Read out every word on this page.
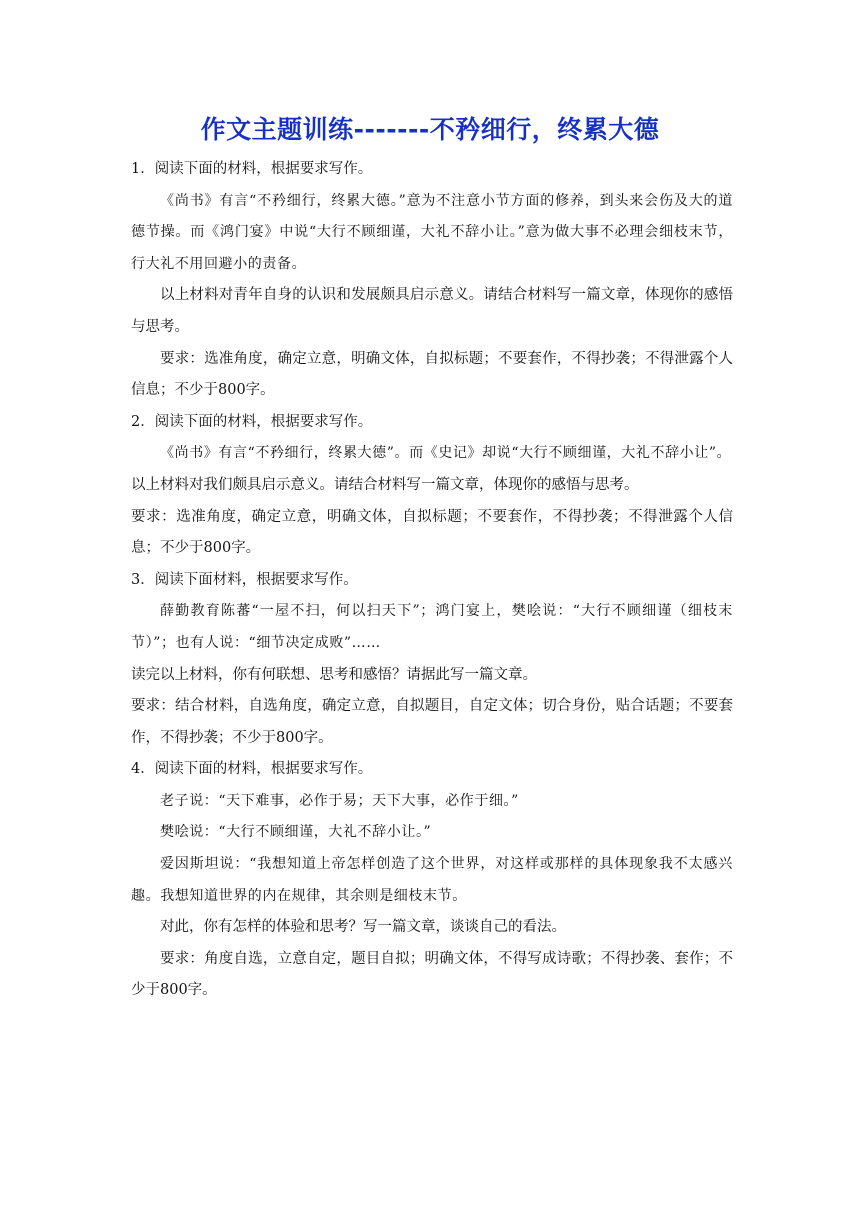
作文主题训练-------不矜细行，终累大德

1．阅读下面的材料，根据要求写作。

《尚书》有言“不矜细行，终累大德。”意为不注意小节方面的修养，到头来会伤及大的道德节操。而《鸿门宴》中说“大行不顾细谨，大礼不辞小让。”意为做大事不必理会细枝末节，行大礼不用回避小的责备。

以上材料对青年自身的认识和发展颇具启示意义。请结合材料写一篇文章，体现你的感悟与思考。

要求：选准角度，确定立意，明确文体，自拟标题；不要套作，不得抄袭；不得泄露个人信息；不少于800字。

2．阅读下面的材料，根据要求写作。

《尚书》有言“不矜细行，终累大德”。而《史记》却说“大行不顾细谨，大礼不辞小让”。

以上材料对我们颇具启示意义。请结合材料写一篇文章，体现你的感悟与思考。

要求：选准角度，确定立意，明确文体，自拟标题；不要套作，不得抄袭；不得泄露个人信息；不少于800字。

3．阅读下面材料，根据要求写作。

薛勤教育陈蕃“一屋不扫，何以扫天下”；鸿门宴上，樊哙说：“大行不顾细谨（细枝末节）”；也有人说：“细节决定成败”……

读完以上材料，你有何联想、思考和感悟？请据此写一篇文章。

要求：结合材料，自选角度，确定立意，自拟题目，自定文体；切合身份，贴合话题；不要套作，不得抄袭；不少于800字。

4．阅读下面的材料，根据要求写作。

老子说：“天下难事，必作于易；天下大事，必作于细。”

樊哙说：“大行不顾细谨，大礼不辞小让。”

爱因斯坦说：“我想知道上帝怎样创造了这个世界，对这样或那样的具体现象我不太感兴趣。我想知道世界的内在规律，其余则是细枝末节。

对此，你有怎样的体验和思考？写一篇文章，谈谈自己的看法。

要求：角度自选，立意自定，题目自拟；明确文体，不得写成诗歌；不得抄袭、套作；不少于800字。
